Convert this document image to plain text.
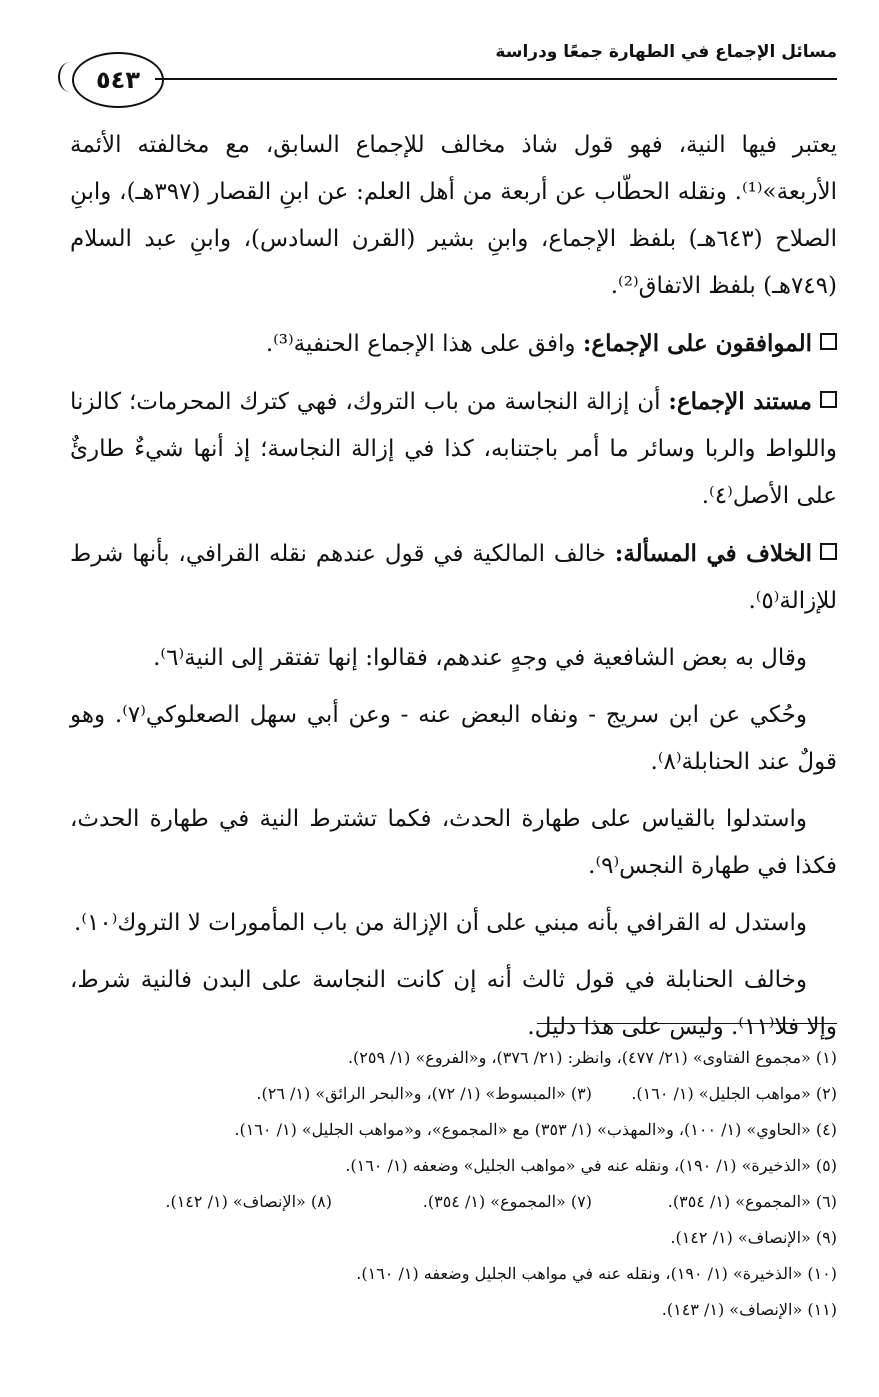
مسائل الإجماع في الطهارة جمعًا ودراسة
٥٤٣

يعتبر فيها النية، فهو قول شاذ مخالف للإجماع السابق، مع مخالفته الأئمة الأربعة»⁽¹⁾. ونقله الحطّاب عن أربعة من أهل العلم: عن ابنِ القصار (٣٩٧هـ)، وابنِ الصلاح (٦٤٣هـ) بلفظ الإجماع، وابنِ بشير (القرن السادس)، وابنِ عبد السلام (٧٤٩هـ) بلفظ الاتفاق⁽²⁾.

الموافقون على الإجماع: وافق على هذا الإجماع الحنفية⁽³⁾.

مستند الإجماع: أن إزالة النجاسة من باب التروك، فهي كترك المحرمات؛ كالزنا واللواط والربا وسائر ما أمر باجتنابه، كذا في إزالة النجاسة؛ إذ أنها شيءٌ طارئٌ على الأصل⁽٤⁾.

الخلاف في المسألة: خالف المالكية في قول عندهم نقله القرافي، بأنها شرط للإزالة⁽٥⁾.

وقال به بعض الشافعية في وجهٍ عندهم، فقالوا: إنها تفتقر إلى النية⁽٦⁾.

وحُكي عن ابن سريج - ونفاه البعض عنه - وعن أبي سهل الصعلوكي⁽٧⁾. وهو قولٌ عند الحنابلة⁽٨⁾.

واستدلوا بالقياس على طهارة الحدث، فكما تشترط النية في طهارة الحدث، فكذا في طهارة النجس⁽٩⁾.

واستدل له القرافي بأنه مبني على أن الإزالة من باب المأمورات لا التروك⁽١٠⁾.

وخالف الحنابلة في قول ثالث أنه إن كانت النجاسة على البدن فالنية شرط، وإلا فلا⁽١١⁾. وليس على هذا دليل.

(١) «مجموع الفتاوى» (٢١/ ٤٧٧)، وانظر: (٢١/ ٣٧٦)، و«الفروع» (١/ ٢٥٩).
(٢) «مواهب الجليل» (١/ ١٦٠).
(٣) «المبسوط» (١/ ٧٢)، و«البحر الرائق» (١/ ٢٦).
(٤) «الحاوي» (١/ ١٠٠)، و«المهذب» (١/ ٣٥٣) مع «المجموع»، و«مواهب الجليل» (١/ ١٦٠).
(٥) «الذخيرة» (١/ ١٩٠)، ونقله عنه في «مواهب الجليل» وضعفه (١/ ١٦٠).
(٦) «المجموع» (١/ ٣٥٤).
(٧) «المجموع» (١/ ٣٥٤).
(٨) «الإنصاف» (١/ ١٤٢).
(٩) «الإنصاف» (١/ ١٤٢).
(١٠) «الذخيرة» (١/ ١٩٠)، ونقله عنه في مواهب الجليل وضعفه (١/ ١٦٠).
(١١) «الإنصاف» (١/ ١٤٣).
